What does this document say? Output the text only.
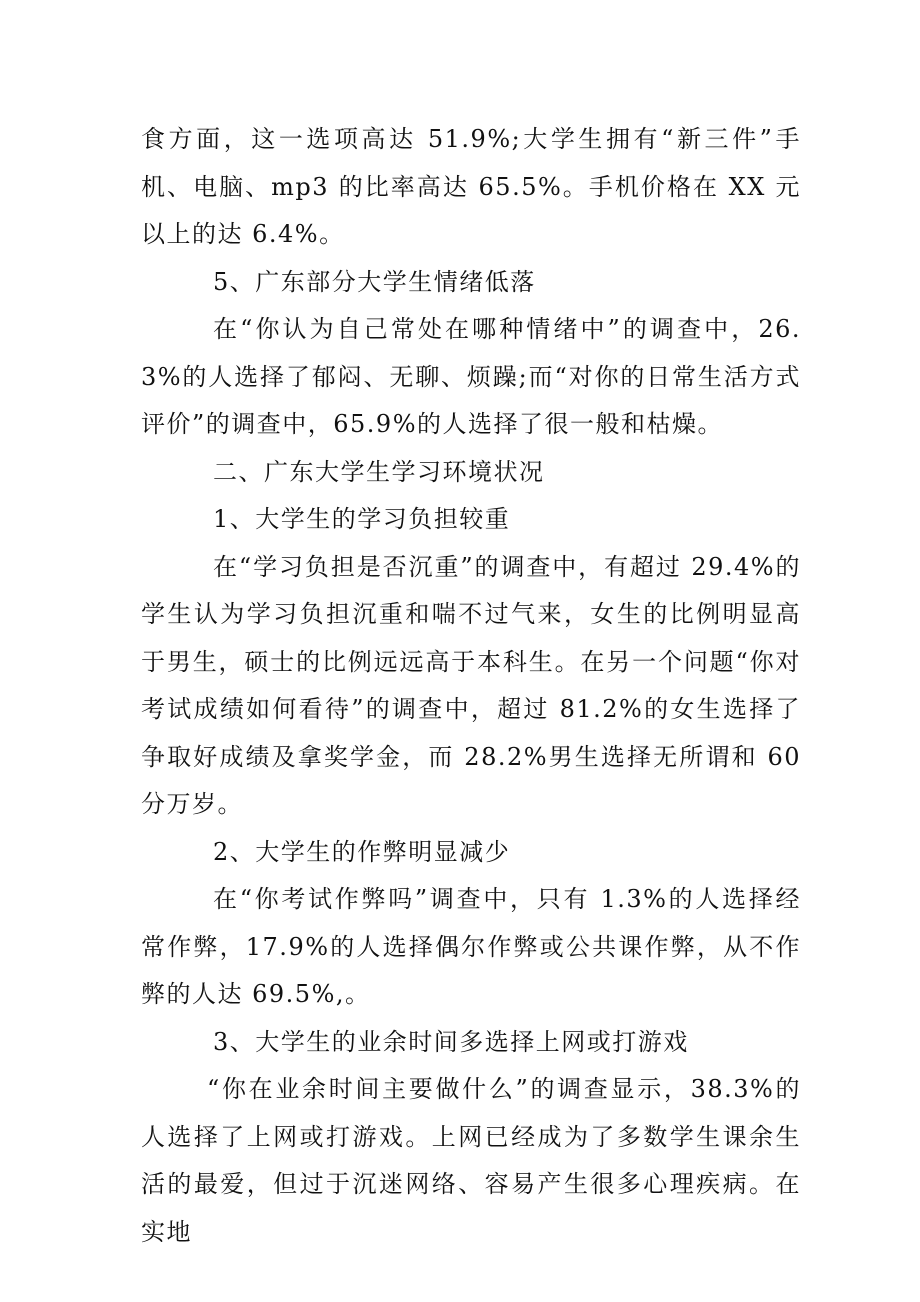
食方面，这一选项高达 51.9%;大学生拥有“新三件”手机、电脑、mp3 的比率高达 65.5%。手机价格在 XX 元以上的达 6.4%。

5、广东部分大学生情绪低落

在“你认为自己常处在哪种情绪中”的调查中，26.3%的人选择了郁闷、无聊、烦躁;而“对你的日常生活方式评价”的调查中，65.9%的人选择了很一般和枯燥。

二、广东大学生学习环境状况

1、大学生的学习负担较重

在“学习负担是否沉重”的调查中，有超过 29.4%的学生认为学习负担沉重和喘不过气来，女生的比例明显高于男生，硕士的比例远远高于本科生。在另一个问题“你对考试成绩如何看待”的调查中，超过 81.2%的女生选择了争取好成绩及拿奖学金，而 28.2%男生选择无所谓和 60 分万岁。

2、大学生的作弊明显减少

在“你考试作弊吗”调查中，只有 1.3%的人选择经常作弊，17.9%的人选择偶尔作弊或公共课作弊，从不作弊的人达 69.5%,。

3、大学生的业余时间多选择上网或打游戏

“你在业余时间主要做什么”的调查显示，38.3%的人选择了上网或打游戏。上网已经成为了多数学生课余生活的最爱，但过于沉迷网络、容易产生很多心理疾病。在实地
